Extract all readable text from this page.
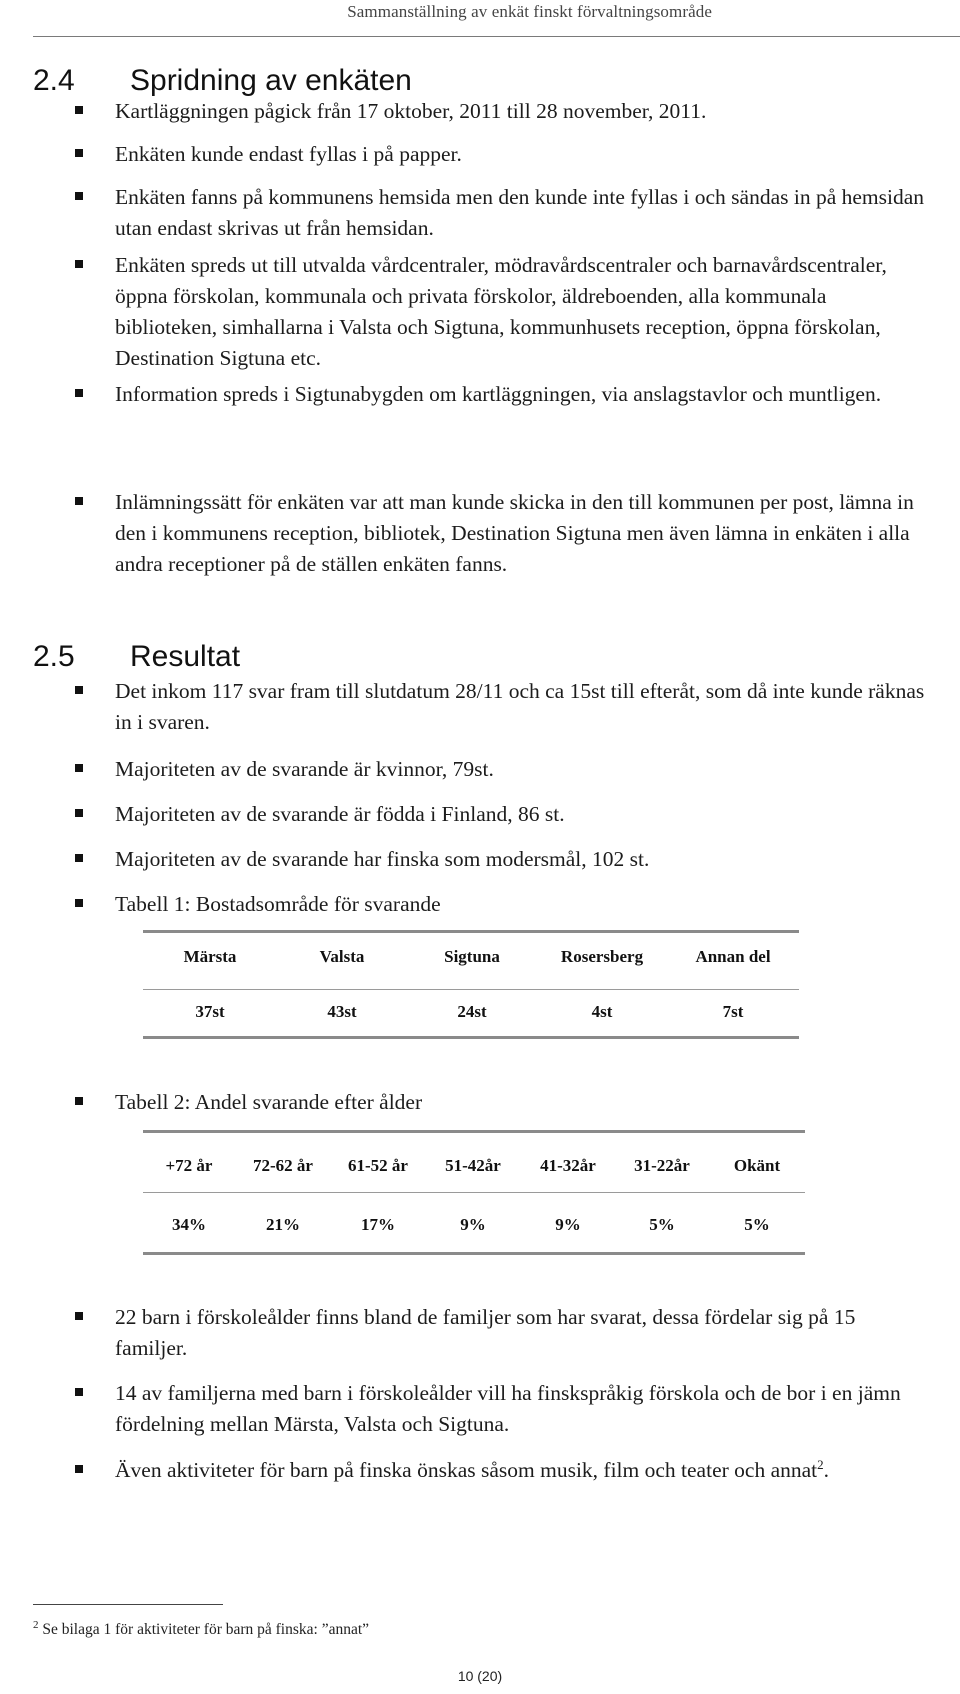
Sammanställning av enkät finskt förvaltningsområde
2.4 Spridning av enkäten
Kartläggningen pågick från 17 oktober, 2011 till 28 november, 2011.
Enkäten kunde endast fyllas i på papper.
Enkäten fanns på kommunens hemsida men den kunde inte fyllas i och sändas in på hemsidan utan endast skrivas ut från hemsidan.
Enkäten spreds ut till utvalda vårdcentraler, mödravårdscentraler och barnavårdscentraler, öppna förskolan, kommunala och privata förskolor, äldreboenden, alla kommunala biblioteken, simhallarna i Valsta och Sigtuna, kommunhusets reception, öppna förskolan, Destination Sigtuna etc.
Information spreds i Sigtunabygden om kartläggningen, via anslagstavlor och muntligen.
Inlämningssätt för enkäten var att man kunde skicka in den till kommunen per post, lämna in den i kommunens reception, bibliotek, Destination Sigtuna men även lämna in enkäten i alla andra receptioner på de ställen enkäten fanns.
2.5 Resultat
Det inkom 117 svar fram till slutdatum 28/11 och ca 15st till efteråt, som då inte kunde räknas in i svaren.
Majoriteten av de svarande är kvinnor, 79st.
Majoriteten av de svarande är födda i Finland, 86 st.
Majoriteten av de svarande har finska som modersmål, 102 st.
Tabell 1: Bostadsområde för svarande
Märsta	Valsta	Sigtuna	Rosersberg	Annan del
37st	43st	24st	4st	7st
Tabell 2: Andel svarande efter ålder
+72 år	72-62 år	61-52 år	51-42år	41-32år	31-22år	Okänt
34%	21%	17%	9%	9%	5%	5%
22 barn i förskoleålder finns bland de familjer som har svarat, dessa fördelar sig på 15 familjer.
14 av familjerna med barn i förskoleålder vill ha finskspråkig förskola och de bor i en jämn fördelning mellan Märsta, Valsta och Sigtuna.
Även aktiviteter för barn på finska önskas såsom musik, film och teater och annat$^2$.
$^2$ Se bilaga 1 för aktiviteter för barn på finska: ”annat”
10 (20)
